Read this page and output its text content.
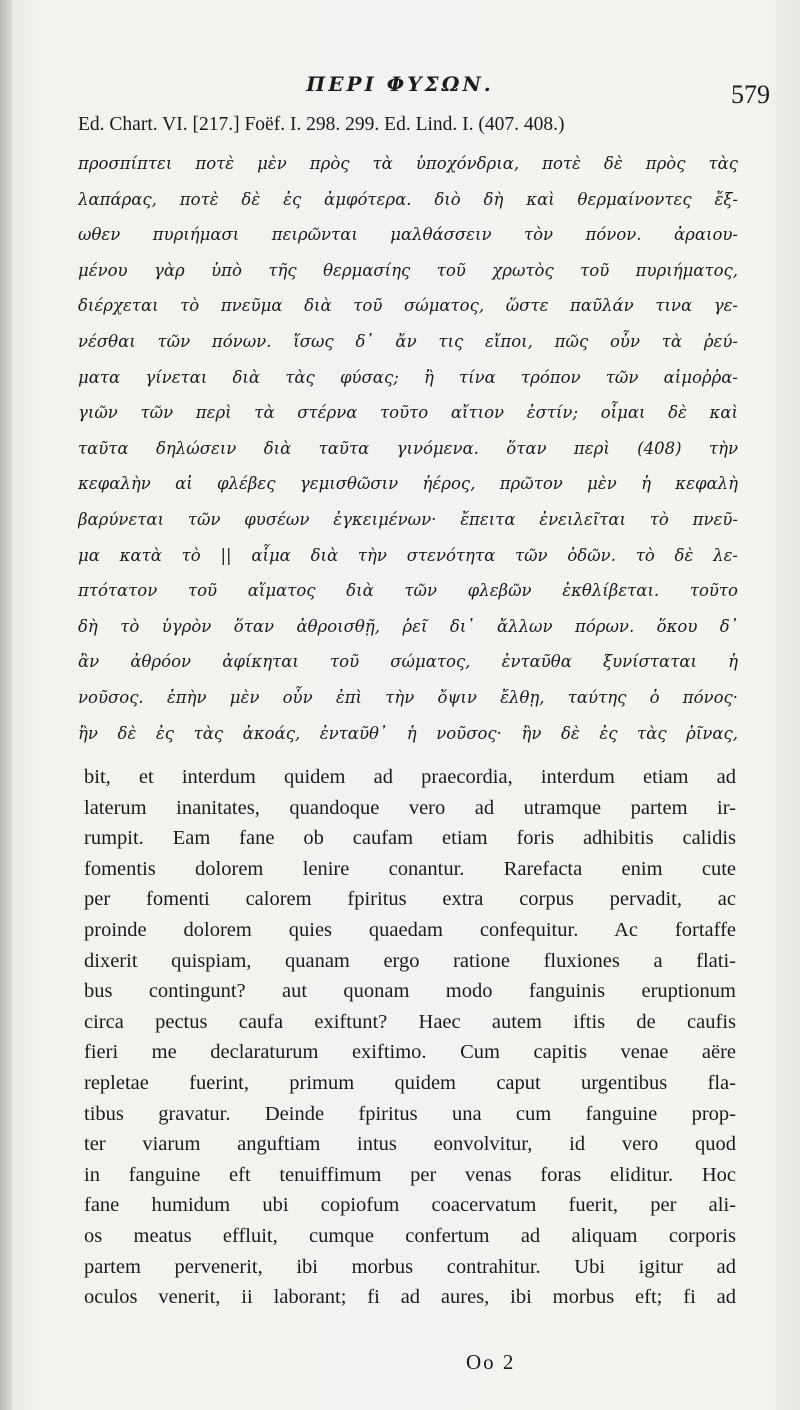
ΠΕΡΙ ΦΥΣΩΝ.	579
Ed. Chart. VI. [217.] Foëf. I. 298. 299. Ed. Lind. I. (407. 408.)
προσπίπτει ποτὲ μὲν πρὸς τὰ ὑποχόνδρια, ποτὲ δὲ πρὸς τὰς
λαπάρας, ποτὲ δὲ ἐς ἀμφότερα. διὸ δὴ καὶ θερμαίνοντες ἔξ-
ωθεν πυριήμασι πειρῶνται μαλθάσσειν τὸν πόνον. ἀραιου-
μένου γὰρ ὑπὸ τῆς θερμασίης τοῦ χρωτὸς τοῦ πυριήματος,
διέρχεται τὸ πνεῦμα διὰ τοῦ σώματος, ὥστε παῦλάν τινα γε-
νέσθαι τῶν πόνων. ἴσως δ᾽ ἄν τις εἴποι, πῶς οὖν τὰ ῥεύ-
ματα γίνεται διὰ τὰς φύσας; ἢ τίνα τρόπον τῶν αἱμοῤῥα-
γιῶν τῶν περὶ τὰ στέρνα τοῦτο αἴτιον ἐστίν; οἶμαι δὲ καὶ
ταῦτα δηλώσειν διὰ ταῦτα γινόμενα. ὅταν περὶ (408) τὴν
κεφαλὴν αἱ φλέβες γεμισθῶσιν ἠέρος, πρῶτον μὲν ἡ κεφαλὴ
βαρύνεται τῶν φυσέων ἐγκειμένων· ἔπειτα ἐνειλεῖται τὸ πνεῦ-
μα κατὰ τὸ || αἷμα διὰ τὴν στενότητα τῶν ὁδῶν. τὸ δὲ λε-
πτότατον τοῦ αἵματος διὰ τῶν φλεβῶν ἐκθλίβεται. τοῦτο
δὴ τὸ ὑγρὸν ὅταν ἀθροισθῇ, ῥεῖ δι᾽ ἄλλων πόρων. ὅκου δ᾽
ἂν ἀθρόον ἀφίκηται τοῦ σώματος, ἐνταῦθα ξυνίσταται ἡ
νοῦσος. ἐπὴν μὲν οὖν ἐπὶ τὴν ὄψιν ἔλθῃ, ταύτης ὁ πόνος·
ἢν δὲ ἐς τὰς ἀκοάς, ἐνταῦθ᾽ ἡ νοῦσος· ἢν δὲ ἐς τὰς ῥῖνας,
bit, et interdum quidem ad praecordia, interdum etiam ad
laterum inanitates, quandoque vero ad utramque partem ir-
rumpit. Eam fane ob caufam etiam foris adhibitis calidis
fomentis dolorem lenire conantur. Rarefacta enim cute
per fomenti calorem fpiritus extra corpus pervadit, ac
proinde dolorem quies quaedam confequitur. Ac fortaffe
dixerit quispiam, quanam ergo ratione fluxiones a flati-
bus contingunt? aut quonam modo fanguinis eruptionum
circa pectus caufa exiftunt? Haec autem iftis de caufis
fieri me declaraturum exiftimo. Cum capitis venae aëre
repletae fuerint, primum quidem caput urgentibus fla-
tibus gravatur. Deinde fpiritus una cum fanguine prop-
ter viarum anguftiam intus eonvolvitur, id vero quod
in fanguine eft tenuiffimum per venas foras eliditur. Hoc
fane humidum ubi copiofum coacervatum fuerit, per ali-
os meatus effluit, cumque confertum ad aliquam corporis
partem pervenerit, ibi morbus contrahitur. Ubi igitur ad
oculos venerit, ii laborant; fi ad aures, ibi morbus eft; fi ad
Oo 2
